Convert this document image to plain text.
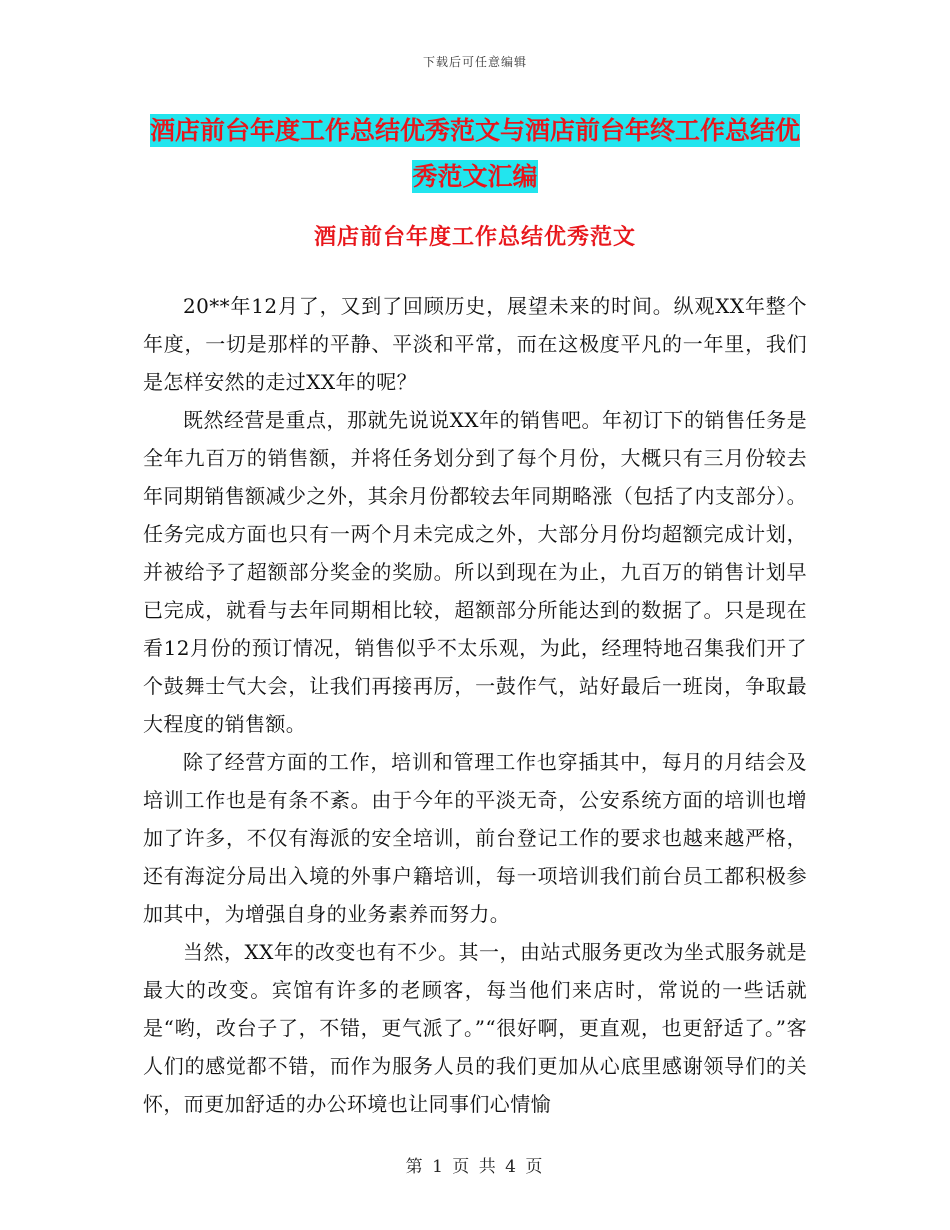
下载后可任意编辑
酒店前台年度工作总结优秀范文与酒店前台年终工作总结优秀范文汇编
酒店前台年度工作总结优秀范文

20**年12月了，又到了回顾历史，展望未来的时间。纵观XX年整个年度，一切是那样的平静、平淡和平常，而在这极度平凡的一年里，我们是怎样安然的走过XX年的呢？

既然经营是重点，那就先说说XX年的销售吧。年初订下的销售任务是全年九百万的销售额，并将任务划分到了每个月份，大概只有三月份较去年同期销售额减少之外，其余月份都较去年同期略涨（包括了内支部分）。任务完成方面也只有一两个月未完成之外，大部分月份均超额完成计划，并被给予了超额部分奖金的奖励。所以到现在为止，九百万的销售计划早已完成，就看与去年同期相比较，超额部分所能达到的数据了。只是现在看12月份的预订情况，销售似乎不太乐观，为此，经理特地召集我们开了个鼓舞士气大会，让我们再接再厉，一鼓作气，站好最后一班岗，争取最大程度的销售额。

除了经营方面的工作，培训和管理工作也穿插其中，每月的月结会及培训工作也是有条不紊。由于今年的平淡无奇，公安系统方面的培训也增加了许多，不仅有海派的安全培训，前台登记工作的要求也越来越严格，还有海淀分局出入境的外事户籍培训，每一项培训我们前台员工都积极参加其中，为增强自身的业务素养而努力。

当然，XX年的改变也有不少。其一，由站式服务更改为坐式服务就是最大的改变。宾馆有许多的老顾客，每当他们来店时，常说的一些话就是“哟，改台子了，不错，更气派了。”“很好啊，更直观，也更舒适了。”客人们的感觉都不错，而作为服务人员的我们更加从心底里感谢领导们的关怀，而更加舒适的办公环境也让同事们心情愉

第 1 页 共 4 页
